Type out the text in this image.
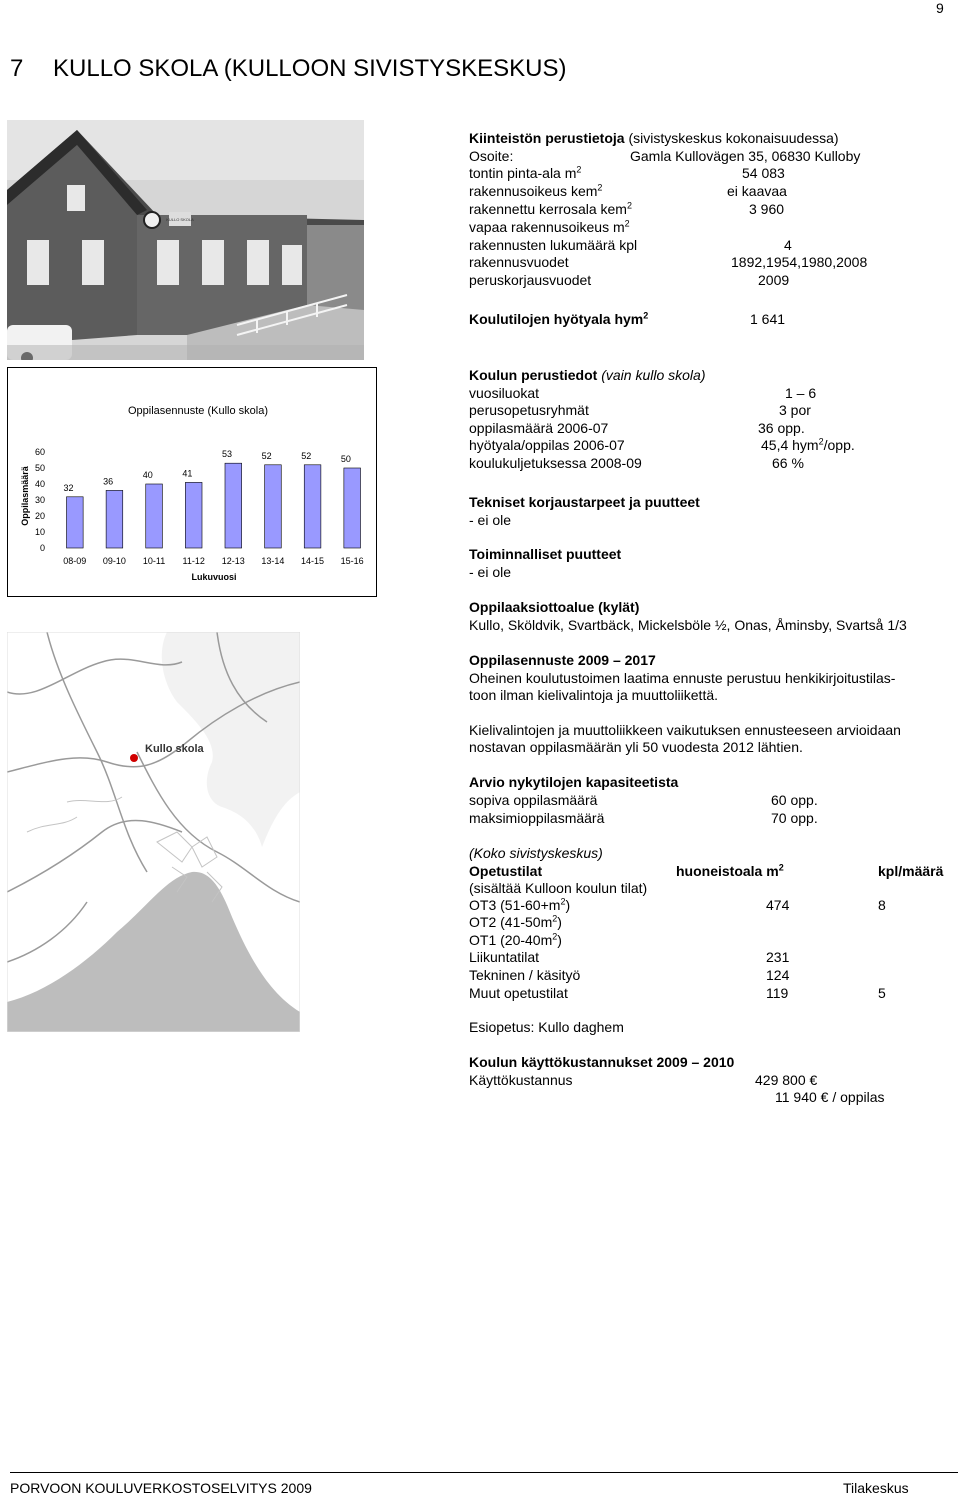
9
7 KULLO SKOLA (KULLOON SIVISTYSKESKUS)
KULLO SKOLA
Kiinteistön perustietoja (sivistyskeskus kokonaisuudessa)
Osoite:	Gamla Kullovägen 35, 06830 Kulloby
tontin pinta-ala $m^2$	54 083
rakennusoikeus kem$^2$	ei kaavaa
rakennettu kerrosala kem$^2$	3 960
vapaa rakennusoikeus $m^2$
rakennusten lukumäärä kpl	4
rakennusvuodet	1892,1954,1980,2008
peruskorjausvuodet	2009
Koulutilojen hyötyala hym$^2$	1 641
Oppilasennuste (Kullo skola)
Oppilasmäärä
Lukuvuosi
0
10
20
30
40
50
60
32
08-09
36
09-10
40
10-11
41
11-12
53
12-13
52
13-14
52
14-15
50
15-16
Koulun perustiedot (vain kullo skola)
vuosiluokat	1 – 6
perusopetusryhmät	3 por
oppilasmäärä 2006-07	36 opp.
hyötyala/oppilas 2006-07	45,4 hym$^2$/opp.
koulukuljetuksessa 2008-09	66 %
Tekniset korjaustarpeet ja puutteet
- ei ole
Toiminnalliset puutteet
- ei ole
Oppilaaksiottoalue (kylät)
Kullo, Sköldvik, Svartbäck, Mickelsböle ½, Onas, Åminsby, Svartså 1/3
Oppilasennuste 2009 – 2017
Oheinen koulutustoimen laatima ennuste perustuu henkikirjoitustilas-
toon ilman kielivalintoja ja muuttoliikettä.
Kielivalintojen ja muuttoliikkeen vaikutuksen ennusteeseen arvioidaan
nostavan oppilasmäärän yli 50 vuodesta 2012 lähtien.
Arvio nykytilojen kapasiteetista
sopiva oppilasmäärä	60 opp.
maksimioppilasmäärä	70 opp.
(Koko sivistyskeskus)
Opetustilat	huoneistoala $m^2$	kpl/määrä
(sisältää Kulloon koulun tilat)
OT3 $(51-60+m^2)$	474	8
OT2 $(41-50m^2)$
OT1 $(20-40m^2)$
Liikuntatilat	231
Tekninen / käsityö	124
Muut opetustilat	119	5
Esiopetus: Kullo daghem
Koulun käyttökustannukset 2009 – 2010
Käyttökustannus	429 800 €
11 940 € / oppilas
Kullo skola
PORVOON KOULUVERKOSTOSELVITYS 2009	Tilakeskus
